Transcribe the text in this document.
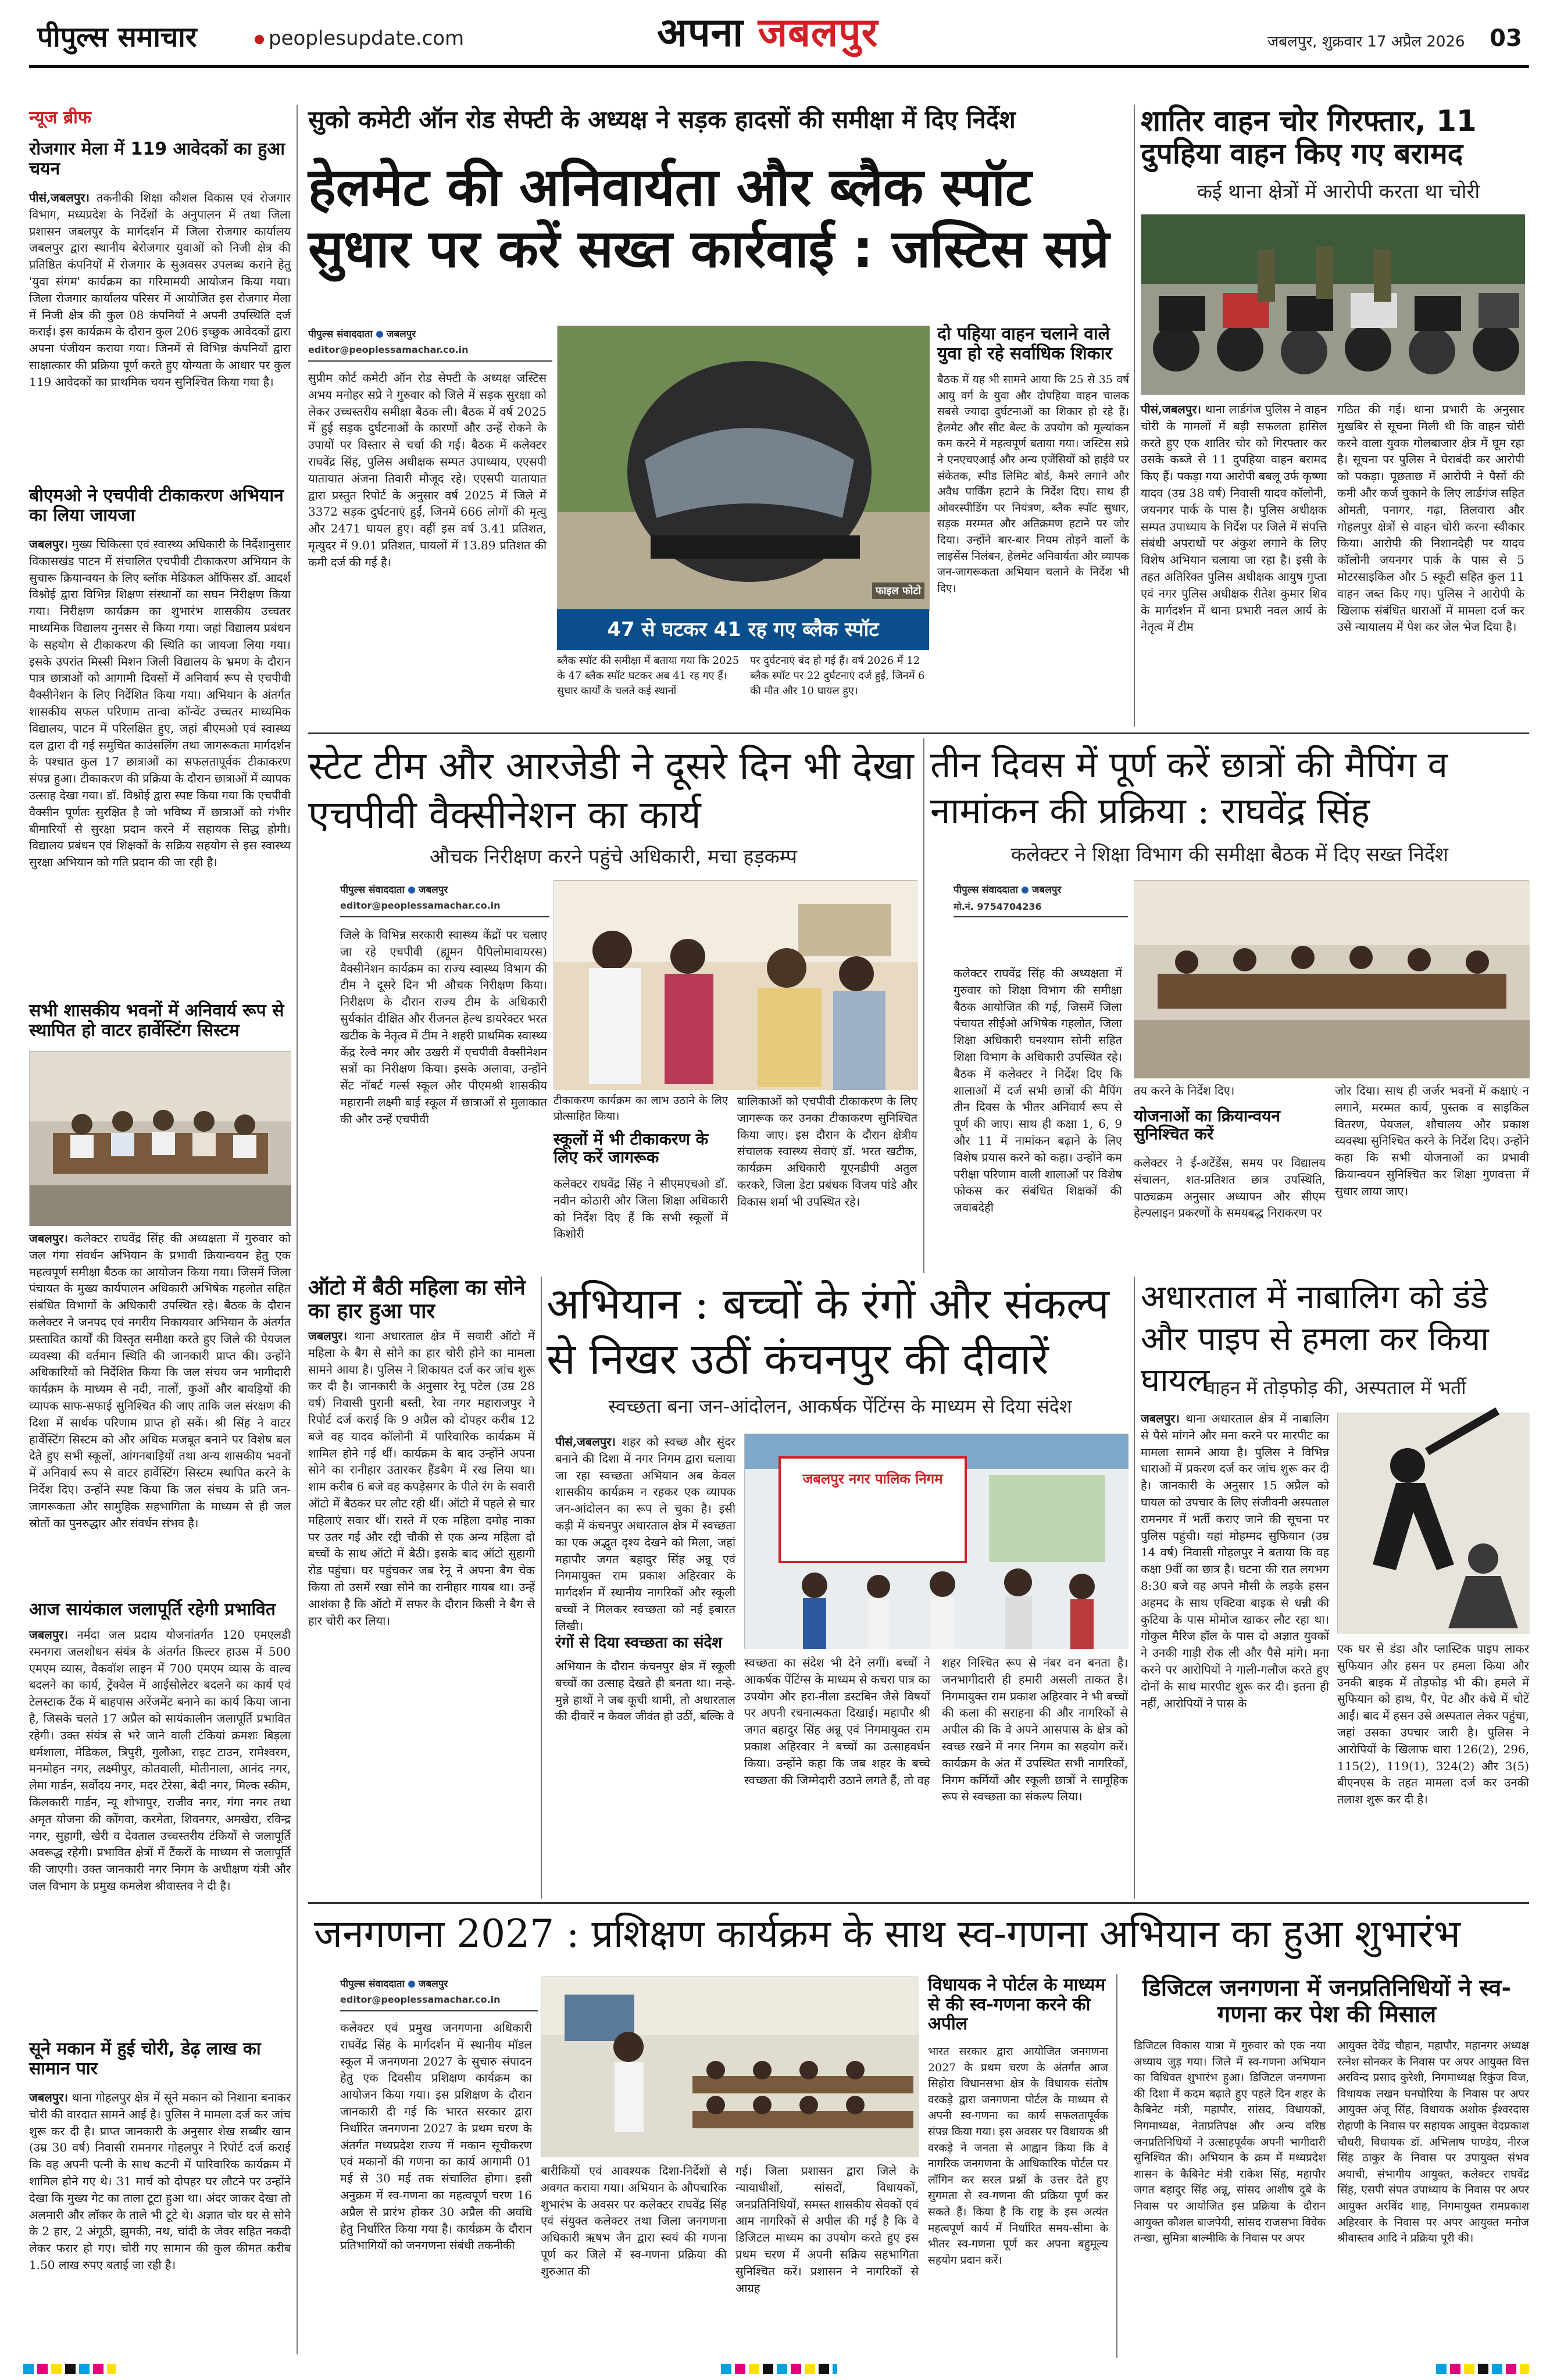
पीपुल्स समाचार	peoplesupdate.com	अपना जबलपुर	जबलपुर, शुक्रवार 17 अप्रैल 2026 03
न्यूज ब्रीफ
रोजगार मेला में 119 आवेदकों का हुआ चयन
पीसं,जबलपुर। तकनीकी शिक्षा कौशल विकास एवं रोजगार विभाग, मध्यप्रदेश के निर्देशों के अनुपालन में तथा जिला प्रशासन जबलपुर के मार्गदर्शन में जिला रोजगार कार्यालय जबलपुर द्वारा स्थानीय बेरोजगार युवाओं को निजी क्षेत्र की प्रतिष्ठित कंपनियों में रोजगार के सुअवसर उपलब्ध कराने हेतु 'युवा संगम' कार्यक्रम का गरिमामयी आयोजन किया गया। जिला रोजगार कार्यालय परिसर में आयोजित इस रोजगार मेला में निजी क्षेत्र की कुल 08 कंपनियों ने अपनी उपस्थिति दर्ज कराई। इस कार्यक्रम के दौरान कुल 206 इच्छुक आवेदकों द्वारा अपना पंजीयन कराया गया। जिनमें से विभिन्न कंपनियों द्वारा साक्षात्कार की प्रक्रिया पूर्ण करते हुए योग्यता के आधार पर कुल 119 आवेदकों का प्राथमिक चयन सुनिश्चित किया गया है।
बीएमओ ने एचपीवी टीकाकरण अभियान का लिया जायजा
जबलपुर। मुख्य चिकित्सा एवं स्वास्थ्य अधिकारी के निर्देशानुसार विकासखंड पाटन में संचालित एचपीवी टीकाकरण अभियान के सुचारू क्रियान्वयन के लिए ब्लॉक मेडिकल ऑफिसर डॉ. आदर्श विश्नोई द्वारा विभिन्न शिक्षण संस्थानों का सघन निरीक्षण किया गया। निरीक्षण कार्यक्रम का शुभारंभ शासकीय उच्चतर माध्यमिक विद्यालय नुनसर से किया गया। जहां विद्यालय प्रबंधन के सहयोग से टीकाकरण की स्थिति का जायजा लिया गया। इसके उपरांत मिस्सी मिशन जिली विद्यालय के भ्रमण के दौरान पात्र छात्राओं को आगामी दिवसों में अनिवार्य रूप से एचपीवी वैक्सीनेशन के लिए निर्देशित किया गया। अभियान के अंतर्गत शासकीय सफल परिणाम तान्वा कॉन्वेंट उच्चतर माध्यमिक विद्यालय, पाटन में परिलक्षित हुए, जहां बीएमओ एवं स्वास्थ्य दल द्वारा दी गई समुचित काउंसलिंग तथा जागरूकता मार्गदर्शन के पश्चात कुल 17 छात्राओं का सफलतापूर्वक टीकाकरण संपन्न हुआ। टीकाकरण की प्रक्रिया के दौरान छात्राओं में व्यापक उत्साह देखा गया। डॉ. विश्नोई द्वारा स्पष्ट किया गया कि एचपीवी वैक्सीन पूर्णतः सुरक्षित है जो भविष्य में छात्राओं को गंभीर बीमारियों से सुरक्षा प्रदान करने में सहायक सिद्ध होगी। विद्यालय प्रबंधन एवं शिक्षकों के सक्रिय सहयोग से इस स्वास्थ्य सुरक्षा अभियान को गति प्रदान की जा रही है।
सभी शासकीय भवनों में अनिवार्य रूप से स्थापित हो वाटर हार्वेस्टिंग सिस्टम
जबलपुर। कलेक्टर राघवेंद्र सिंह की अध्यक्षता में गुरुवार को जल गंगा संवर्धन अभियान के प्रभावी क्रियान्वयन हेतु एक महत्वपूर्ण समीक्षा बैठक का आयोजन किया गया। जिसमें जिला पंचायत के मुख्य कार्यपालन अधिकारी अभिषेक गहलोत सहित संबंधित विभागों के अधिकारी उपस्थित रहे। बैठक के दौरान कलेक्टर ने जनपद एवं नगरीय निकायवार अभियान के अंतर्गत प्रस्तावित कार्यों की विस्तृत समीक्षा करते हुए जिले की पेयजल व्यवस्था की वर्तमान स्थिति की जानकारी प्राप्त की। उन्होंने अधिकारियों को निर्देशित किया कि जल संचय जन भागीदारी कार्यक्रम के माध्यम से नदी, नालों, कुओं और बावड़ियों की व्यापक साफ-सफाई सुनिश्चित की जाए ताकि जल संरक्षण की दिशा में सार्थक परिणाम प्राप्त हो सकें। श्री सिंह ने वाटर हार्वेस्टिंग सिस्टम को और अधिक मजबूत बनाने पर विशेष बल देते हुए सभी स्कूलों, आंगनबाड़ियों तथा अन्य शासकीय भवनों में अनिवार्य रूप से वाटर हार्वेस्टिंग सिस्टम स्थापित करने के निर्देश दिए। उन्होंने स्पष्ट किया कि जल संचय के प्रति जन-जागरूकता और सामुहिक सहभागिता के माध्यम से ही जल स्रोतों का पुनरुद्धार और संवर्धन संभव है।
आज सायंकाल जलापूर्ति रहेगी प्रभावित
जबलपुर। नर्मदा जल प्रदाय योजनांतर्गत 120 एमएलडी रमनगरा जलशोधन संयंत्र के अंतर्गत फ़िल्टर हाउस में 500 एमएम व्यास, वैकवॉश लाइन में 700 एमएम व्यास के वाल्व बदलने का कार्य, ट्रेंक्वेल में आईसोलेटर बदलने का कार्य एवं टेलस्टाक टैंक में बाहपास अरेंजमेंट बनाने का कार्य किया जाना है, जिसके चलते 17 अप्रैल को सायंकालीन जलापूर्ति प्रभावित रहेगी। उक्त संयंत्र से भरे जाने वाली टंकियां क्रमशः बिड़ला धर्मशाला, मेडिकल, त्रिपुरी, गुलौआ, राइट टाउन, रामेश्वरम, मनमोहन नगर, लक्ष्मीपुर, कोतवाली, मोतीनाला, आनंद नगर, लेमा गार्डन, सर्वोदय नगर, मदर टेरेसा, बेदी नगर, मिल्क स्कीम, किलकारी गार्डन, न्यू शोभापुर, राजीव नगर, गंगा नगर तथा अमृत योजना की कोंगवा, करमेता, शिवनगर, अमखेरा, रविन्द्र नगर, सुहागी, खेरी व देवताल उच्चस्तरीय टंकियों से जलापूर्ति अवरूद्ध रहेगी। प्रभावित क्षेत्रों में टैंकरों के माध्यम से जलापूर्ति की जाएगी। उक्त जानकारी नगर निगम के अधीक्षण यंत्री और जल विभाग के प्रमुख कमलेश श्रीवास्तव ने दी है।
सूने मकान में हुई चोरी, डेढ़ लाख का सामान पार
जबलपुर। थाना गोहलपुर क्षेत्र में सूने मकान को निशाना बनाकर चोरी की वारदात सामने आई है। पुलिस ने मामला दर्ज कर जांच शुरू कर दी है। प्राप्त जानकारी के अनुसार शेख सब्बीर खान (उम्र 30 वर्ष) निवासी रामनगर गोहलपुर ने रिपोर्ट दर्ज कराई कि वह अपनी पत्नी के साथ कटनी में पारिवारिक कार्यक्रम में शामिल होने गए थे। 31 मार्च को दोपहर घर लौटने पर उन्होंने देखा कि मुख्य गेट का ताला टूटा हुआ था। अंदर जाकर देखा तो अलमारी और लॉकर के ताले भी टूटे थे। अज्ञात चोर घर से सोने के 2 हार, 2 अंगूठी, झुमकी, नथ, चांदी के जेवर सहित नकदी लेकर फरार हो गए। चोरी गए सामान की कुल कीमत करीब 1.50 लाख रुपए बताई जा रही है।
सुको कमेटी ऑन रोड सेफ्टी के अध्यक्ष ने सड़क हादसों की समीक्षा में दिए निर्देश
हेलमेट की अनिवार्यता और ब्लैक स्पॉट सुधार पर करें सख्त कार्रवाई : जस्टिस सप्रे
पीपुल्स संवाददाता जबलपुर
editor@peoplessamachar.co.in
सुप्रीम कोर्ट कमेटी ऑन रोड सेफ्टी के अध्यक्ष जस्टिस अभय मनोहर सप्रे ने गुरुवार को जिले में सड़क सुरक्षा को लेकर उच्चस्तरीय समीक्षा बैठक ली। बैठक में वर्ष 2025 में हुई सड़क दुर्घटनाओं के कारणों और उन्हें रोकने के उपायों पर विस्तार से चर्चा की गई। बैठक में कलेक्टर राघवेंद्र सिंह, पुलिस अधीक्षक सम्पत उपाध्याय, एएसपी यातायात अंजना तिवारी मौजूद रहे। एएसपी यातायात द्वारा प्रस्तुत रिपोर्ट के अनुसार वर्ष 2025 में जिले में 3372 सड़क दुर्घटनाएं हुईं, जिनमें 666 लोगों की मृत्यु और 2471 घायल हुए। वहीं इस वर्ष 3.41 प्रतिशत, मृत्युदर में 9.01 प्रतिशत, घायलों में 13.89 प्रतिशत की कमी दर्ज की गई है।
फाइल फोटो
47 से घटकर 41 रह गए ब्लैक स्पॉट
ब्लैक स्पॉट की समीक्षा में बताया गया कि 2025 के 47 ब्लैक स्पॉट घटकर अब 41 रह गए हैं। सुधार कार्यों के चलते कई स्थानों
पर दुर्घटनाएं बंद हो गई हैं। वर्ष 2026 में 12 ब्लैक स्पॉट पर 22 दुर्घटनाएं दर्ज हुईं, जिनमें 6 की मौत और 10 घायल हुए।
दो पहिया वाहन चलाने वाले युवा हो रहे सर्वाधिक शिकार
बैठक में यह भी सामने आया कि 25 से 35 वर्ष आयु वर्ग के युवा और दोपहिया वाहन चालक सबसे ज्यादा दुर्घटनाओं का शिकार हो रहे हैं। हेलमेट और सीट बेल्ट के उपयोग को मूल्यांकन कम करने में महत्वपूर्ण बताया गया। जस्टिस सप्रे ने एनएचएआई और अन्य एजेंसियों को हाईवे पर संकेतक, स्पीड लिमिट बोर्ड, कैमरे लगाने और अवैध पार्किंग हटाने के निर्देश दिए। साथ ही ओवरस्पीडिंग पर नियंत्रण, ब्लैक स्पॉट सुधार, सड़क मरम्मत और अतिक्रमण हटाने पर जोर दिया। उन्होंने बार-बार नियम तोड़ने वालों के लाइसेंस निलंबन, हेलमेट अनिवार्यता और व्यापक जन-जागरूकता अभियान चलाने के निर्देश भी दिए।
शातिर वाहन चोर गिरफ्तार, 11 दुपहिया वाहन किए गए बरामद
कई थाना क्षेत्रों में आरोपी करता था चोरी
पीसं,जबलपुर। थाना लार्डगंज पुलिस ने वाहन चोरी के मामलों में बड़ी सफलता हासिल करते हुए एक शातिर चोर को गिरफ्तार कर उसके कब्जे से 11 दुपहिया वाहन बरामद किए हैं। पकड़ा गया आरोपी बबलू उर्फ कृष्णा यादव (उम्र 38 वर्ष) निवासी यादव कॉलोनी, जयनगर पार्क के पास है। पुलिस अधीक्षक सम्पत उपाध्याय के निर्देश पर जिले में संपत्ति संबंधी अपराधों पर अंकुश लगाने के लिए विशेष अभियान चलाया जा रहा है। इसी के तहत अतिरिक्त पुलिस अधीक्षक आयुष गुप्ता एवं नगर पुलिस अधीक्षक रीतेश कुमार शिव के मार्गदर्शन में थाना प्रभारी नवल आर्य के नेतृत्व में टीम
गठित की गई। थाना प्रभारी के अनुसार मुखबिर से सूचना मिली थी कि वाहन चोरी करने वाला युवक गोलबाजार क्षेत्र में घूम रहा है। सूचना पर पुलिस ने घेराबंदी कर आरोपी को पकड़ा। पूछताछ में आरोपी ने पैसों की कमी और कर्ज चुकाने के लिए लार्डगंज सहित ओमती, पनागर, गढ़ा, तिलवारा और गोहलपुर क्षेत्रों से वाहन चोरी करना स्वीकार किया। आरोपी की निशानदेही पर यादव कॉलोनी जयनगर पार्क के पास से 5 मोटरसाइकिल और 5 स्कूटी सहित कुल 11 वाहन जब्त किए गए। पुलिस ने आरोपी के खिलाफ संबंधित धाराओं में मामला दर्ज कर उसे न्यायालय में पेश कर जेल भेज दिया है।
स्टेट टीम और आरजेडी ने दूसरे दिन भी देखा एचपीवी वैक्सीनेशन का कार्य
औचक निरीक्षण करने पहुंचे अधिकारी, मचा हड़कम्प
पीपुल्स संवाददाता जबलपुर
editor@peoplessamachar.co.in
जिले के विभिन्न सरकारी स्वास्थ्य केंद्रों पर चलाए जा रहे एचपीवी (ह्यूमन पैपिलोमावायरस) वैक्सीनेशन कार्यक्रम का राज्य स्वास्थ्य विभाग की टीम ने दूसरे दिन भी औचक निरीक्षण किया। निरीक्षण के दौरान राज्य टीम के अधिकारी सुर्यकांत दीक्षित और रीजनल हेल्थ डायरेक्टर भरत खटीक के नेतृत्व में टीम ने शहरी प्राथमिक स्वास्थ्य केंद्र रेल्वे नगर और उखरी में एचपीवी वैक्सीनेशन सत्रों का निरीक्षण किया। इसके अलावा, उन्होंने सेंट नॉबर्ट गर्ल्स स्कूल और पीएमश्री शासकीय महारानी लक्ष्मी बाई स्कूल में छात्राओं से मुलाकात की और उन्हें एचपीवी
टीकाकरण कार्यक्रम का लाभ उठाने के लिए प्रोत्साहित किया।
स्कूलों में भी टीकाकरण के लिए करें जागरूक
कलेक्टर राघवेंद्र सिंह ने सीएमएचओ डॉ. नवीन कोठारी और जिला शिक्षा अधिकारी को निर्देश दिए हैं कि सभी स्कूलों में किशोरी
बालिकाओं को एचपीवी टीकाकरण के लिए जागरूक कर उनका टीकाकरण सुनिश्चित किया जाए। इस दौरान के दौरान क्षेत्रीय संचालक स्वास्थ्य सेवाएं डॉ. भरत खटीक, कार्यक्रम अधिकारी यूएनडीपी अतुल करकरे, जिला डेटा प्रबंधक विजय पांडे और विकास शर्मा भी उपस्थित रहे।
तीन दिवस में पूर्ण करें छात्रों की मैपिंग व नामांकन की प्रक्रिया : राघवेंद्र सिंह
कलेक्टर ने शिक्षा विभाग की समीक्षा बैठक में दिए सख्त निर्देश
पीपुल्स संवाददाता जबलपुर
मो.नं. 9754704236
कलेक्टर राघवेंद्र सिंह की अध्यक्षता में गुरुवार को शिक्षा विभाग की समीक्षा बैठक आयोजित की गई, जिसमें जिला पंचायत सीईओ अभिषेक गहलोत, जिला शिक्षा अधिकारी घनश्याम सोनी सहित शिक्षा विभाग के अधिकारी उपस्थित रहे। बैठक में कलेक्टर ने निर्देश दिए कि शालाओं में दर्ज सभी छात्रों की मैपिंग तीन दिवस के भीतर अनिवार्य रूप से पूर्ण की जाए। साथ ही कक्षा 1, 6, 9 और 11 में नामांकन बढ़ाने के लिए विशेष प्रयास करने को कहा। उन्होंने कम परीक्षा परिणाम वाली शालाओं पर विशेष फोकस कर संबंधित शिक्षकों की जवाबदेही
तय करने के निर्देश दिए।
योजनाओं का क्रियान्वयन सुनिश्चित करें
कलेक्टर ने ई-अटेंडेंस, समय पर विद्यालय संचालन, शत-प्रतिशत छात्र उपस्थिति, पाठ्यक्रम अनुसार अध्यापन और सीएम हेल्पलाइन प्रकरणों के समयबद्ध निराकरण पर
जोर दिया। साथ ही जर्जर भवनों में कक्षाएं न लगाने, मरम्मत कार्य, पुस्तक व साइकिल वितरण, पेयजल, शौचालय और प्रकाश व्यवस्था सुनिश्चित करने के निर्देश दिए। उन्होंने कहा कि सभी योजनाओं का प्रभावी क्रियान्वयन सुनिश्चित कर शिक्षा गुणवत्ता में सुधार लाया जाए।
ऑटो में बैठी महिला का सोने का हार हुआ पार
जबलपुर। थाना अधारताल क्षेत्र में सवारी ऑटो में महिला के बैग से सोने का हार चोरी होने का मामला सामने आया है। पुलिस ने शिकायत दर्ज कर जांच शुरू कर दी है। जानकारी के अनुसार रेनू पटेल (उम्र 28 वर्ष) निवासी पुरानी बस्ती, रेवा नगर महाराजपुर ने रिपोर्ट दर्ज कराई कि 9 अप्रैल को दोपहर करीब 12 बजे वह यादव कॉलोनी में पारिवारिक कार्यक्रम में शामिल होने गई थीं। कार्यक्रम के बाद उन्होंने अपना सोने का रानीहार उतारकर हैंडबैग में रख लिया था। शाम करीब 6 बजे वह कपड़ेसगर के पीले रंग के सवारी ऑटो में बैठकर घर लौट रही थीं। ऑटो में पहले से चार महिलाएं सवार थीं। रास्ते में एक महिला दमोह नाका पर उतर गई और रद्दी चौकी से एक अन्य महिला दो बच्चों के साथ ऑटो में बैठी। इसके बाद ऑटो सुहागी रोड पहुंचा। घर पहुंचकर जब रेनू ने अपना बैग चेक किया तो उसमें रखा सोने का रानीहार गायब था। उन्हें आशंका है कि ऑटो में सफर के दौरान किसी ने बैग से हार चोरी कर लिया।
अभियान : बच्चों के रंगों और संकल्प से निखर उठीं कंचनपुर की दीवारें
स्वच्छता बना जन-आंदोलन, आकर्षक पेंटिंग्स के माध्यम से दिया संदेश
पीसं,जबलपुर। शहर को स्वच्छ और सुंदर बनाने की दिशा में नगर निगम द्वारा चलाया जा रहा स्वच्छता अभियान अब केवल शासकीय कार्यक्रम न रहकर एक व्यापक जन-आंदोलन का रूप ले चुका है। इसी कड़ी में कंचनपुर अधारताल क्षेत्र में स्वच्छता का एक अद्भुत दृश्य देखने को मिला, जहां महापौर जगत बहादुर सिंह अन्नू एवं निगमायुक्त राम प्रकाश अहिरवार के मार्गदर्शन में स्थानीय नागरिकों और स्कूली बच्चों ने मिलकर स्वच्छता को नई इबारत लिखी।
रंगों से दिया स्वच्छता का संदेश
अभियान के दौरान कंचनपुर क्षेत्र में स्कूली बच्चों का उत्साह देखते ही बनता था। नन्हे-मुन्ने हाथों ने जब कूची थामी, तो अधारताल की दीवारें न केवल जीवंत हो उठीं, बल्कि वे
जबलपुर नगर पालिक निगम
स्वच्छता का संदेश भी देने लगीं। बच्चों ने आकर्षक पेंटिंग्स के माध्यम से कचरा पात्र का उपयोग और हरा-नीला डस्टबिन जैसे विषयों पर अपनी रचनात्मकता दिखाई। महापौर श्री जगत बहादुर सिंह अन्नू एवं निगमायुक्त राम प्रकाश अहिरवार ने बच्चों का उत्साहवर्धन किया। उन्होंने कहा कि जब शहर के बच्चे स्वच्छता की जिम्मेदारी उठाने लगते हैं, तो वह
शहर निश्चित रूप से नंबर वन बनता है। जनभागीदारी ही हमारी असली ताकत है। निगमायुक्त राम प्रकाश अहिरवार ने भी बच्चों की कला की सराहना की और नागरिकों से अपील की कि वे अपने आसपास के क्षेत्र को स्वच्छ रखने में नगर निगम का सहयोग करें। कार्यक्रम के अंत में उपस्थित सभी नागरिकों, निगम कर्मियों और स्कूली छात्रों ने सामूहिक रूप से स्वच्छता का संकल्प लिया।
अधारताल में नाबालिग को डंडे और पाइप से हमला कर किया घायल
वाहन में तोड़फोड़ की, अस्पताल में भर्ती
जबलपुर। थाना अधारताल क्षेत्र में नाबालिग से पैसे मांगने और मना करने पर मारपीट का मामला सामने आया है। पुलिस ने विभिन्न धाराओं में प्रकरण दर्ज कर जांच शुरू कर दी है। जानकारी के अनुसार 15 अप्रैल को घायल को उपचार के लिए संजीवनी अस्पताल रामनगर में भर्ती कराए जाने की सूचना पर पुलिस पहुंची। यहां मोहम्मद सुफियान (उम्र 14 वर्ष) निवासी गोहलपुर ने बताया कि वह कक्षा 9वीं का छात्र है। घटना की रात लगभग 8:30 बजे वह अपने मौसी के लड़के हसन अहमद के साथ एक्टिवा बाइक से धन्नी की कुटिया के पास मोमोज खाकर लौट रहा था। गोकुल मैरिज हॉल के पास दो अज्ञात युवकों ने उनकी गाड़ी रोक ली और पैसे मांगे। मना करने पर आरोपियों ने गाली-गलौज करते हुए दोनों के साथ मारपीट शुरू कर दी। इतना ही नहीं, आरोपियों ने पास के
एक घर से डंडा और प्लास्टिक पाइप लाकर सुफियान और हसन पर हमला किया और उनकी बाइक में तोड़फोड़ भी की। हमले में सुफियान को हाथ, पैर, पेट और कंधे में चोटें आईं। बाद में हसन उसे अस्पताल लेकर पहुंचा, जहां उसका उपचार जारी है। पुलिस ने आरोपियों के खिलाफ धारा 126(2), 296, 115(2), 119(1), 324(2) और 3(5) बीएनएस के तहत मामला दर्ज कर उनकी तलाश शुरू कर दी है।
जनगणना 2027 : प्रशिक्षण कार्यक्रम के साथ स्व-गणना अभियान का हुआ शुभारंभ
पीपुल्स संवाददाता जबलपुर
editor@peoplessamachar.co.in
कलेक्टर एवं प्रमुख जनगणना अधिकारी राघवेंद्र सिंह के मार्गदर्शन में स्थानीय मॉडल स्कूल में जनगणना 2027 के सुचारु संपादन हेतु एक दिवसीय प्रशिक्षण कार्यक्रम का आयोजन किया गया। इस प्रशिक्षण के दौरान जानकारी दी गई कि भारत सरकार द्वारा निर्धारित जनगणना 2027 के प्रथम चरण के अंतर्गत मध्यप्रदेश राज्य में मकान सूचीकरण एवं मकानों की गणना का कार्य आगामी 01 मई से 30 मई तक संचालित होगा। इसी अनुक्रम में स्व-गणना का महत्वपूर्ण चरण 16 अप्रैल से प्रारंभ होकर 30 अप्रैल की अवधि हेतु निर्धारित किया गया है। कार्यक्रम के दौरान प्रतिभागियों को जनगणना संबंधी तकनीकी
बारीकियों एवं आवश्यक दिशा-निर्देशों से अवगत कराया गया। अभियान के औपचारिक शुभारंभ के अवसर पर कलेक्टर राघवेंद्र सिंह एवं संयुक्त कलेक्टर तथा जिला जनगणना अधिकारी ऋषभ जैन द्वारा स्वयं की गणना पूर्ण कर जिले में स्व-गणना प्रक्रिया की शुरुआत की
गई। जिला प्रशासन द्वारा जिले के न्यायाधीशों, सांसदों, विधायकों, जनप्रतिनिधियों, समस्त शासकीय सेवकों एवं आम नागरिकों से अपील की गई है कि वे डिजिटल माध्यम का उपयोग करते हुए इस प्रथम चरण में अपनी सक्रिय सहभागिता सुनिश्चित करें। प्रशासन ने नागरिकों से आग्रह
विधायक ने पोर्टल के माध्यम से की स्व-गणना करने की अपील
भारत सरकार द्वारा आयोजित जनगणना 2027 के प्रथम चरण के अंतर्गत आज सिहोरा विधानसभा क्षेत्र के विधायक संतोष वरकड़े द्वारा जनगणना पोर्टल के माध्यम से अपनी स्व-गणना का कार्य सफलतापूर्वक संपन्न किया गया। इस अवसर पर विधायक श्री वरकड़े ने जनता से आह्वान किया कि वे नागरिक जनगणना के आधिकारिक पोर्टल पर लॉगिन कर सरल प्रश्नों के उत्तर देते हुए सुगमता से स्व-गणना की प्रक्रिया पूर्ण कर सकते हैं। किया है कि राष्ट्र के इस अत्यंत महत्वपूर्ण कार्य में निर्धारित समय-सीमा के भीतर स्व-गणना पूर्ण कर अपना बहुमूल्य सहयोग प्रदान करें।
डिजिटल जनगणना में जनप्रतिनिधियों ने स्व-गणना कर पेश की मिसाल
डिजिटल विकास यात्रा में गुरुवार को एक नया अध्याय जुड़ गया। जिले में स्व-गणना अभियान का विधिवत शुभारंभ हुआ। डिजिटल जनगणना की दिशा में कदम बढ़ाते हुए पहले दिन शहर के कैबिनेट मंत्री, महापौर, सांसद, विधायकों, निगमाध्यक्ष, नेताप्रतिपक्ष और अन्य वरिष्ठ जनप्रतिनिधियों ने उत्साहपूर्वक अपनी भागीदारी सुनिश्चित की। अभियान के क्रम में मध्यप्रदेश शासन के कैबिनेट मंत्री राकेश सिंह, महापौर जगत बहादुर सिंह अन्नू, सांसद आशीष दुबे के निवास पर आयोजित इस प्रक्रिया के दौरान आयुक्त कौशल बाजपेयी, सांसद राजसभा विवेक तन्खा, सुमित्रा बाल्मीकि के निवास पर अपर
आयुक्त देवेंद्र चौहान, महापौर, महानगर अध्यक्ष रत्नेश सोनकर के निवास पर अपर आयुक्त वित्त अरविन्द प्रसाद कुरेशी, निगमाध्यक्ष रिकुंज विज, विधायक लखन घनघोरिया के निवास पर अपर आयुक्त अंजू सिंह, विधायक अशोक ईश्वरदास रोहाणी के निवास पर सहायक आयुक्त वेदप्रकाश चौधरी, विधायक डॉ. अभिलाष पाण्डेय, नीरज सिंह ठाकुर के निवास पर उपायुक्त संभव अयाची, संभागीय आयुक्त, कलेक्टर राघवेंद्र सिंह, एसपी संपत उपाध्याय के निवास पर अपर आयुक्त अरविंद शाह, निगमायुक्त रामप्रकाश अहिरवार के निवास पर अपर आयुक्त मनोज श्रीवास्तव आदि ने प्रक्रिया पूरी की।
